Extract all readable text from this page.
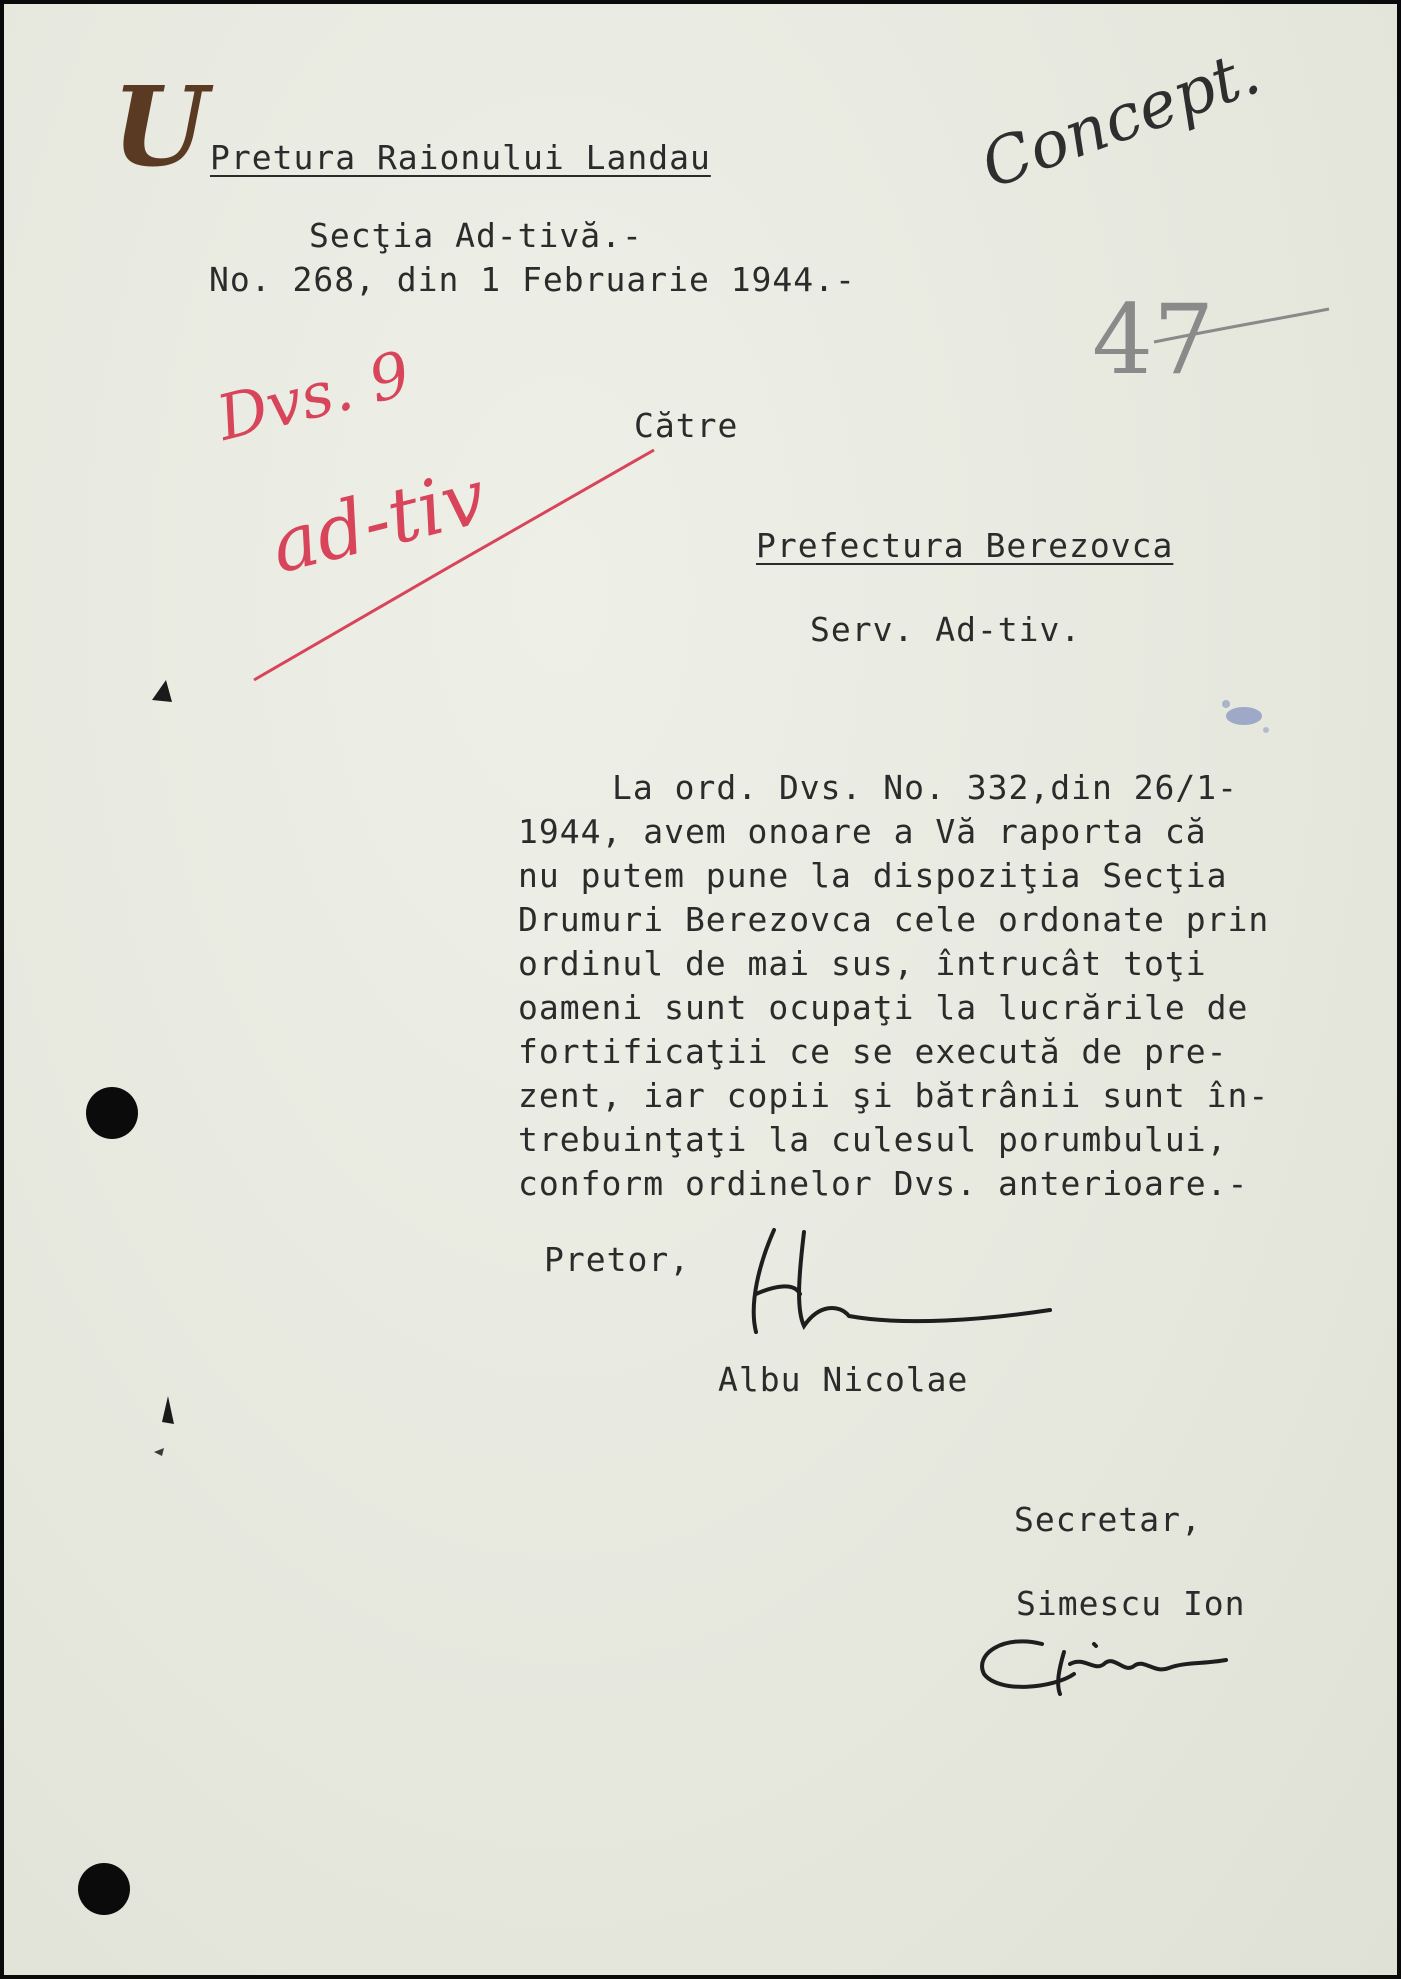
U Pretura Raionului Landau
Secţia Ad-tivă.-
No. 268, din 1 Februarie 1944.-
Concept.
47
Dvs. 9
ad-tiv
Către
Prefectura Berezovca
Serv. Ad-tiv.
La ord. Dvs. No. 332,din 26/1-
1944, avem onoare a Vă raporta că
nu putem pune la dispoziţia Secţia
Drumuri Berezovca cele ordonate prin
ordinul de mai sus, întrucât toţi
oameni sunt ocupaţi la lucrările de
fortificaţii ce se execută de pre-
zent, iar copii şi bătrânii sunt în-
trebuinţaţi la culesul porumbului,
conform ordinelor Dvs. anterioare.-
Pretor,
Albu Nicolae
Secretar,
Simescu Ion
